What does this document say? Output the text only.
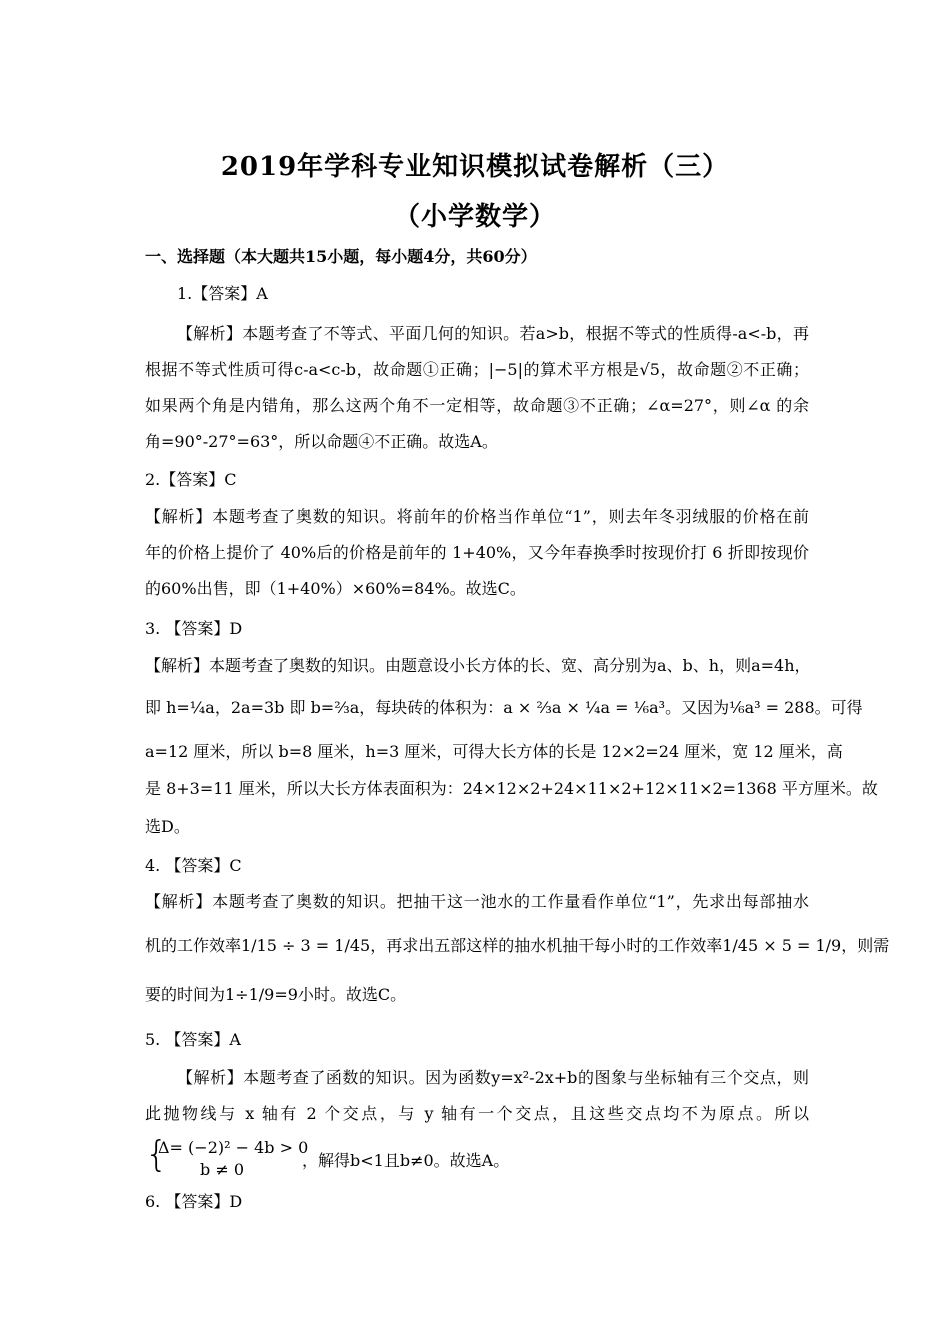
2019年学科专业知识模拟试卷解析（三）
（小学数学）
一、选择题（本大题共15小题，每小题4分，共60分）
1.【答案】A
【解析】本题考查了不等式、平面几何的知识。若a>b，根据不等式的性质得-a<-b，再
根据不等式性质可得c-a<c-b，故命题①正确；|−5|的算术平方根是√5，故命题②不正确；
如果两个角是内错角，那么这两个角不一定相等，故命题③不正确；∠α=27°，则∠α 的余
角=90°-27°=63°，所以命题④不正确。故选A。
2.【答案】C
【解析】本题考查了奥数的知识。将前年的价格当作单位“1”，则去年冬羽绒服的价格在前
年的价格上提价了 40%后的价格是前年的 1+40%，又今年春换季时按现价打 6 折即按现价
的60%出售，即（1+40%）×60%=84%。故选C。
3. 【答案】D
【解析】本题考查了奥数的知识。由题意设小长方体的长、宽、高分别为a、b、h，则a=4h，
即 h=¼a，2a=3b 即 b=⅔a，每块砖的体积为：a × ⅔a × ¼a = ⅙a³。又因为⅙a³ = 288。可得
a=12 厘米，所以 b=8 厘米，h=3 厘米，可得大长方体的长是 12×2=24 厘米，宽 12 厘米，高
是 8+3=11 厘米，所以大长方体表面积为：24×12×2+24×11×2+12×11×2=1368 平方厘米。故
选D。
4. 【答案】C
【解析】本题考查了奥数的知识。把抽干这一池水的工作量看作单位“1”，先求出每部抽水
机的工作效率1/15 ÷ 3 = 1/45，再求出五部这样的抽水机抽干每小时的工作效率1/45 × 5 = 1/9，则需
要的时间为1÷1/9=9小时。故选C。
5. 【答案】A
【解析】本题考查了函数的知识。因为函数y=x²-2x+b的图象与坐标轴有三个交点，则
此抛物线与 x 轴有 2 个交点，与 y 轴有一个交点，且这些交点均不为原点。所以
{
Δ= (−2)² − 4b > 0
b ≠ 0	，解得b<1且b≠0。故选A。
6. 【答案】D
